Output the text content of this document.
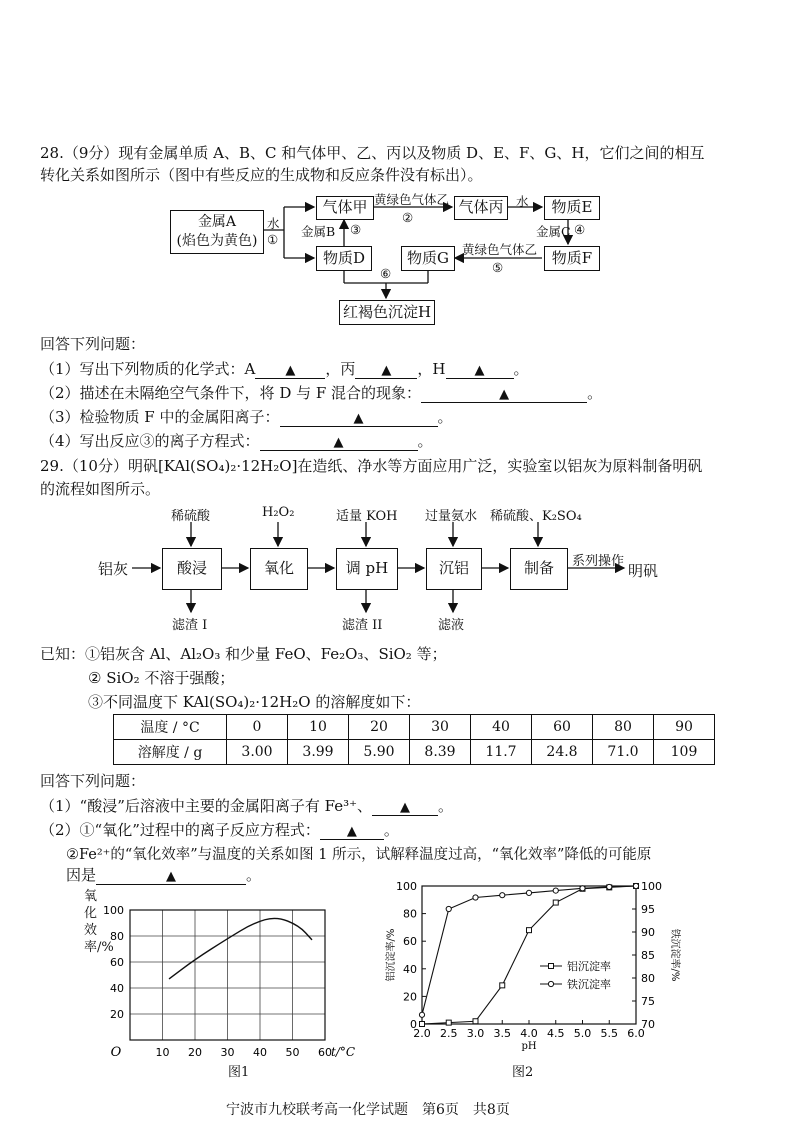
28.（9分）现有金属单质 A、B、C 和气体甲、乙、丙以及物质 D、E、F、G、H，它们之间的相互
转化关系如图所示（图中有些反应的生成物和反应条件没有标出）。
金属A
(焰色为黄色)
气体甲	气体丙	物质E
物质D	物质G	物质F
红褐色沉淀H
水
①
黄绿色气体乙
②
水
金属B ③	金属C ④
黄绿色气体乙
⑤
⑥
回答下列问题：
（1）写出下列物质的化学式：A ▲ ，丙 ▲ ，H ▲ 。
（2）描述在未隔绝空气条件下，将 D 与 F 混合的现象：	▲	。
（3）检验物质 F 中的金属阳离子：	▲	。
（4）写出反应③的离子方程式：	▲	。
29.（10分）明矾[KAl(SO₄)₂·12H₂O]在造纸、净水等方面应用广泛，实验室以铝灰为原料制备明矾
的流程如图所示。
铝灰	酸浸	氧化	调 pH	沉铝	制备
稀硫酸	H₂O₂	适量 KOH 过量氨水 稀硫酸、K₂SO₄
滤渣 I	滤渣 II	滤液
系列操作
明矾
已知：①铝灰含 Al、Al₂O₃ 和少量 FeO、Fe₂O₃、SiO₂ 等；
② SiO₂ 不溶于强酸；
③不同温度下 KAl(SO₄)₂·12H₂O 的溶解度如下：
温度 / °C	0	10	20	30	40	60	80	90
溶解度 / g	3.00	3.99	5.90	8.39	11.7	24.8	71.0	109
回答下列问题：
（1）“酸浸”后溶液中主要的金属阳离子有 Fe³⁺、 ▲ 。
（2）①“氧化”过程中的离子反应方程式： ▲ 。
②Fe²⁺的“氧化效率”与温度的关系如图 1 所示，试解释温度过高，“氧化效率”降低的可能原
因是	▲	。
10 20 30 40 50 60
20
40
60
80
100
O	t/°C
图1
氧化效率/%
2.0 2.5 3.0 3.5 4.0 4.5 5.0 5.5 6.0
0
20
40
60
80
100
70
75
80
85
90
95
100
pH
铝沉淀率/%	铁沉淀率/%
铝沉淀率
铁沉淀率
图2
宁波市九校联考高一化学试题　第6页　共8页
